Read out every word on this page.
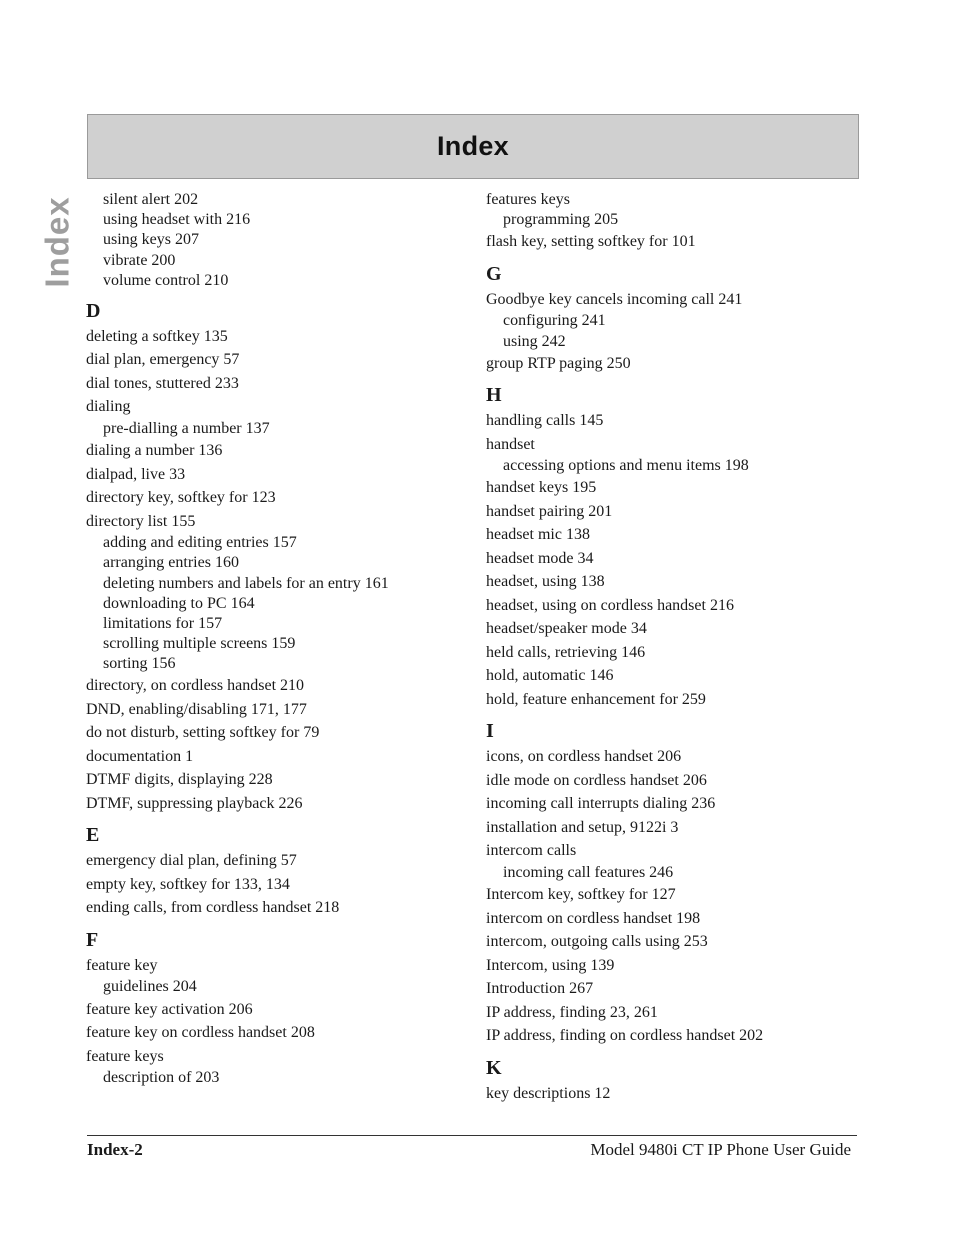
Index
Index	silent alert 202
using headset with 216
using keys 207
vibrate 200
volume control 210
D
deleting a softkey 135
dial plan, emergency 57
dial tones, stuttered 233
dialing
pre-dialling a number 137
dialing a number 136
dialpad, live 33
directory key, softkey for 123
directory list 155
adding and editing entries 157
arranging entries 160
deleting numbers and labels for an entry 161
downloading to PC 164
limitations for 157
scrolling multiple screens 159
sorting 156
directory, on cordless handset 210
DND, enabling/disabling 171, 177
do not disturb, setting softkey for 79
documentation 1
DTMF digits, displaying 228
DTMF, suppressing playback 226
E
emergency dial plan, defining 57
empty key, softkey for 133, 134
ending calls, from cordless handset 218
F
feature key
guidelines 204
feature key activation 206
feature key on cordless handset 208
feature keys
description of 203
features keys
programming 205
flash key, setting softkey for 101
G
Goodbye key cancels incoming call 241
configuring 241
using 242
group RTP paging 250
H
handling calls 145
handset
accessing options and menu items 198
handset keys 195
handset pairing 201
headset mic 138
headset mode 34
headset, using 138
headset, using on cordless handset 216
headset/speaker mode 34
held calls, retrieving 146
hold, automatic 146
hold, feature enhancement for 259
I
icons, on cordless handset 206
idle mode on cordless handset 206
incoming call interrupts dialing 236
installation and setup, 9122i 3
intercom calls
incoming call features 246
Intercom key, softkey for 127
intercom on cordless handset 198
intercom, outgoing calls using 253
Intercom, using 139
Introduction 267
IP address, finding 23, 261
IP address, finding on cordless handset 202
K
key descriptions 12
Index-2	Model 9480i CT IP Phone User Guide
